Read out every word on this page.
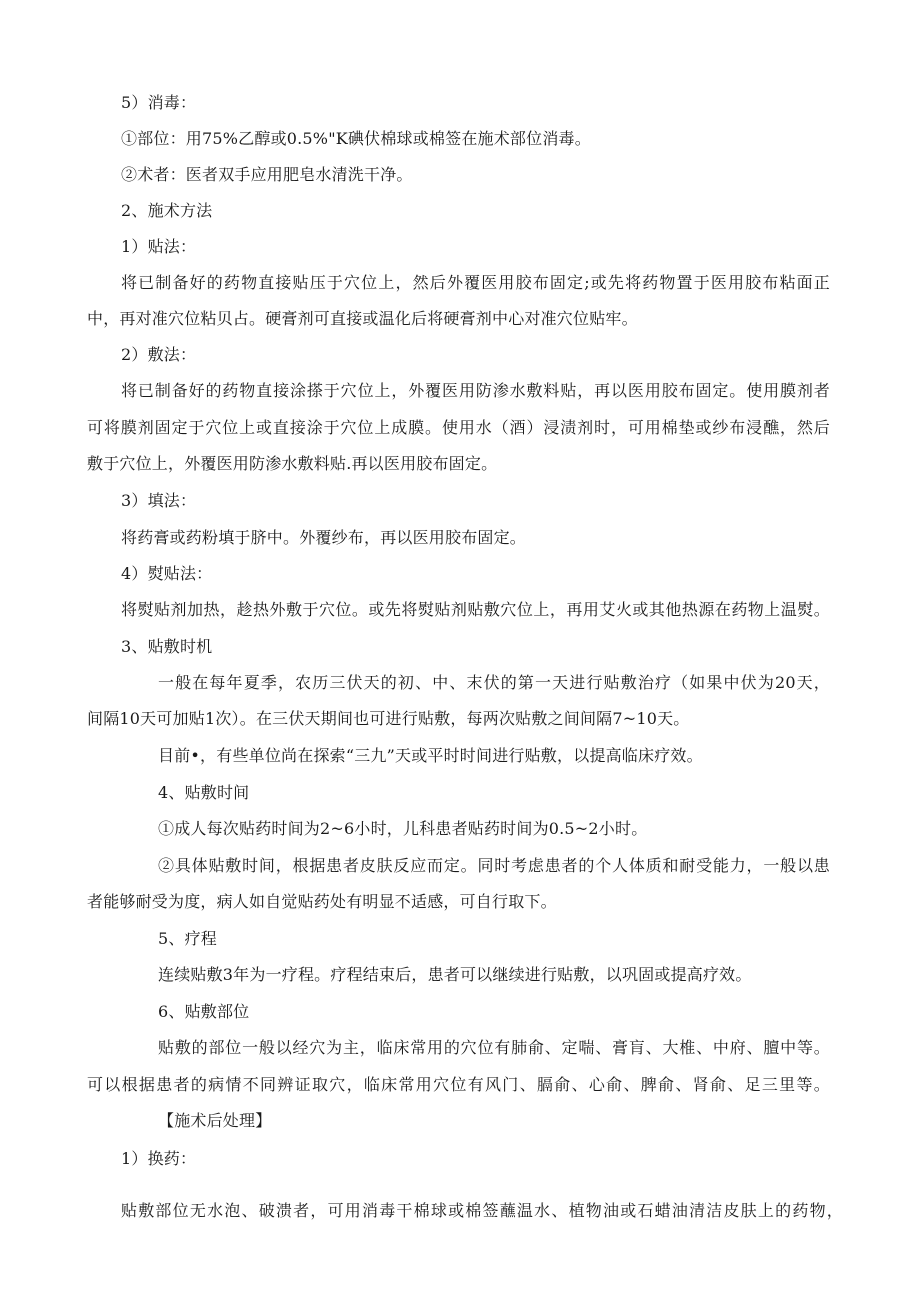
5）消毒：
①部位：用75%乙醇或0.5%"K碘伏棉球或棉签在施术部位消毒。
②术者：医者双手应用肥皂水清洗干净。
2、施术方法
1）贴法：
将已制备好的药物直接贴压于穴位上，然后外覆医用胶布固定;或先将药物置于医用胶布粘面正
中，再对准穴位粘贝占。硬膏剂可直接或温化后将硬膏剂中心对准穴位贴牢。
2）敷法：
将已制备好的药物直接涂搽于穴位上，外覆医用防渗水敷料贴，再以医用胶布固定。使用膜剂者
可将膜剂固定于穴位上或直接涂于穴位上成膜。使用水（酒）浸渍剂时，可用棉垫或纱布浸醮，然后
敷于穴位上，外覆医用防渗水敷料贴.再以医用胶布固定。
3）填法：
将药膏或药粉填于脐中。外覆纱布，再以医用胶布固定。
4）熨贴法：
将熨贴剂加热，趁热外敷于穴位。或先将熨贴剂贴敷穴位上，再用艾火或其他热源在药物上温熨。
3、贴敷时机
一般在每年夏季，农历三伏天的初、中、末伏的第一天进行贴敷治疗（如果中伏为20天，
间隔10天可加贴1次）。在三伏天期间也可进行贴敷，每两次贴敷之间间隔7~10天。
目前•，有些单位尚在探索“三九”天或平时时间进行贴敷，以提高临床疗效。
4、贴敷时间
①成人每次贴药时间为2~6小时，儿科患者贴药时间为0.5~2小时。
②具体贴敷时间，根据患者皮肤反应而定。同时考虑患者的个人体质和耐受能力，一般以患
者能够耐受为度，病人如自觉贴药处有明显不适感，可自行取下。
5、疗程
连续贴敷3年为一疗程。疗程结束后，患者可以继续进行贴敷，以巩固或提高疗效。
6、贴敷部位
贴敷的部位一般以经穴为主，临床常用的穴位有肺俞、定喘、膏肓、大椎、中府、膻中等。
可以根据患者的病情不同辨证取穴，临床常用穴位有风门、膈俞、心俞、脾俞、肾俞、足三里等。
【施术后处理】
1）换药：
贴敷部位无水泡、破溃者，可用消毒干棉球或棉签蘸温水、植物油或石蜡油清洁皮肤上的药物，
